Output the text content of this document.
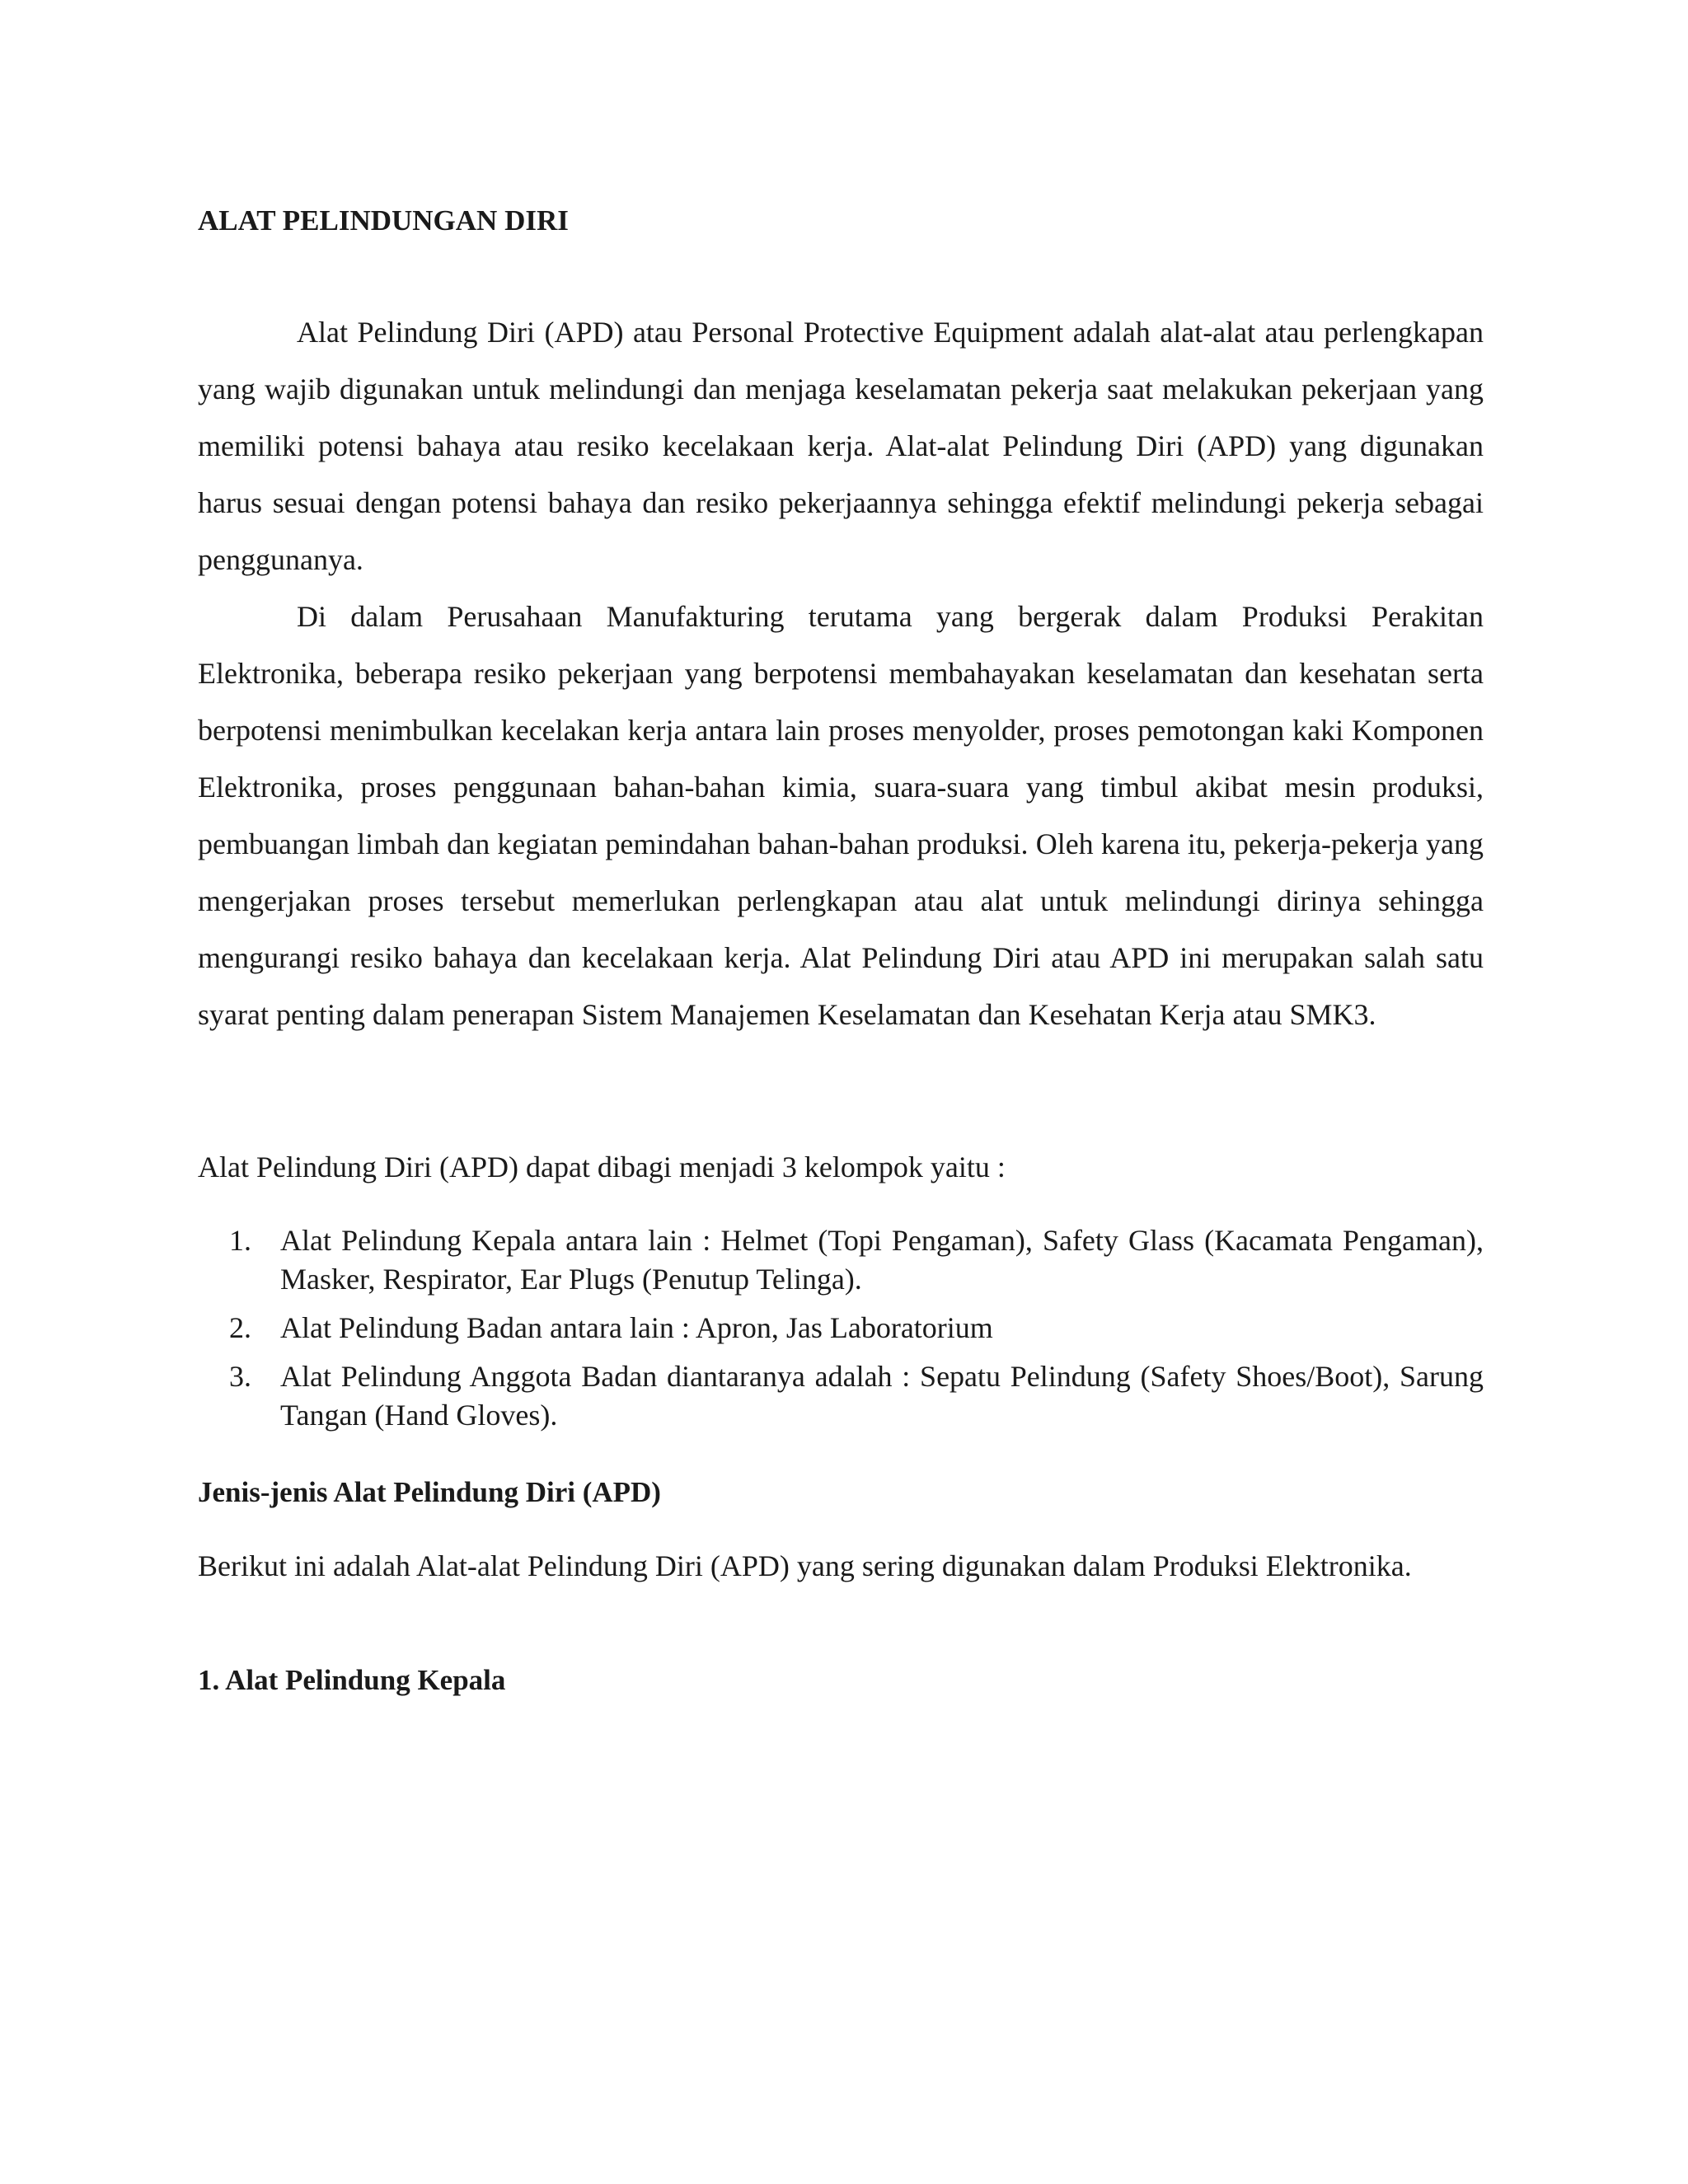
ALAT PELINDUNGAN DIRI

Alat Pelindung Diri (APD) atau Personal Protective Equipment adalah alat-alat atau perlengkapan yang wajib digunakan untuk melindungi dan menjaga keselamatan pekerja saat melakukan pekerjaan yang memiliki potensi bahaya atau resiko kecelakaan kerja. Alat-alat Pelindung Diri (APD) yang digunakan harus sesuai dengan potensi bahaya dan resiko pekerjaannya sehingga efektif melindungi pekerja sebagai penggunanya.

Di dalam Perusahaan Manufakturing terutama yang bergerak dalam Produksi Perakitan Elektronika, beberapa resiko pekerjaan yang berpotensi membahayakan keselamatan dan kesehatan serta berpotensi menimbulkan kecelakan kerja antara lain proses menyolder, proses pemotongan kaki Komponen Elektronika, proses penggunaan bahan-bahan kimia, suara-suara yang timbul akibat mesin produksi, pembuangan limbah dan kegiatan pemindahan bahan-bahan produksi. Oleh karena itu, pekerja-pekerja yang mengerjakan proses tersebut memerlukan perlengkapan atau alat untuk melindungi dirinya sehingga mengurangi resiko bahaya dan kecelakaan kerja. Alat Pelindung Diri atau APD ini merupakan salah satu syarat penting dalam penerapan Sistem Manajemen Keselamatan dan Kesehatan Kerja atau SMK3.

Alat Pelindung Diri (APD) dapat dibagi menjadi 3 kelompok yaitu :

1. Alat Pelindung Kepala antara lain : Helmet (Topi Pengaman), Safety Glass (Kacamata Pengaman), Masker, Respirator, Ear Plugs (Penutup Telinga).
2. Alat Pelindung Badan antara lain : Apron, Jas Laboratorium
3. Alat Pelindung Anggota Badan diantaranya adalah : Sepatu Pelindung (Safety Shoes/Boot), Sarung Tangan (Hand Gloves).
Jenis-jenis Alat Pelindung Diri (APD)

Berikut ini adalah Alat-alat Pelindung Diri (APD) yang sering digunakan dalam Produksi Elektronika.

1. Alat Pelindung Kepala
